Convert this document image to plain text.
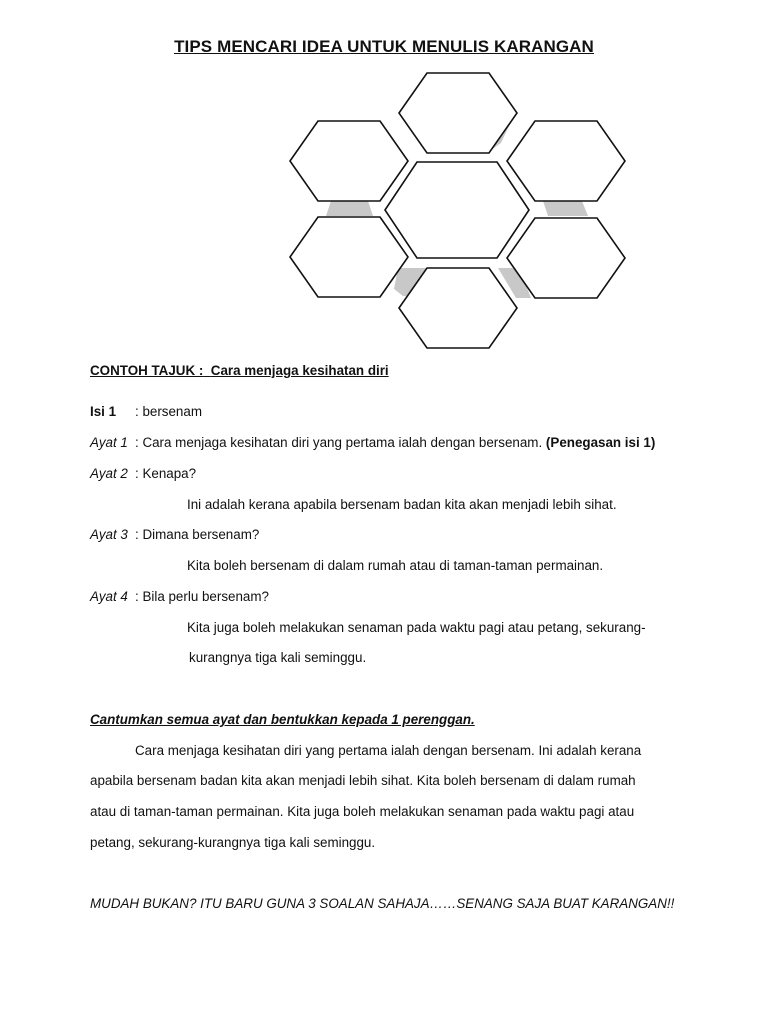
TIPS MENCARI IDEA UNTUK MENULIS KARANGAN
CONTOH TAJUK : Cara menjaga kesihatan diri
Isi 1 : bersenam
Ayat 1 : Cara menjaga kesihatan diri yang pertama ialah dengan bersenam. (Penegasan isi 1)
Ayat 2 : Kenapa?
Ini adalah kerana apabila bersenam badan kita akan menjadi lebih sihat.
Ayat 3 : Dimana bersenam?
Kita boleh bersenam di dalam rumah atau di taman-taman permainan.
Ayat 4 : Bila perlu bersenam?
Kita juga boleh melakukan senaman pada waktu pagi atau petang, sekurang-
kurangnya tiga kali seminggu.
Cantumkan semua ayat dan bentukkan kepada 1 perenggan.
Cara menjaga kesihatan diri yang pertama ialah dengan bersenam. Ini adalah kerana
apabila bersenam badan kita akan menjadi lebih sihat. Kita boleh bersenam di dalam rumah
atau di taman-taman permainan. Kita juga boleh melakukan senaman pada waktu pagi atau
petang, sekurang-kurangnya tiga kali seminggu.
MUDAH BUKAN? ITU BARU GUNA 3 SOALAN SAHAJA……SENANG SAJA BUAT KARANGAN!!
